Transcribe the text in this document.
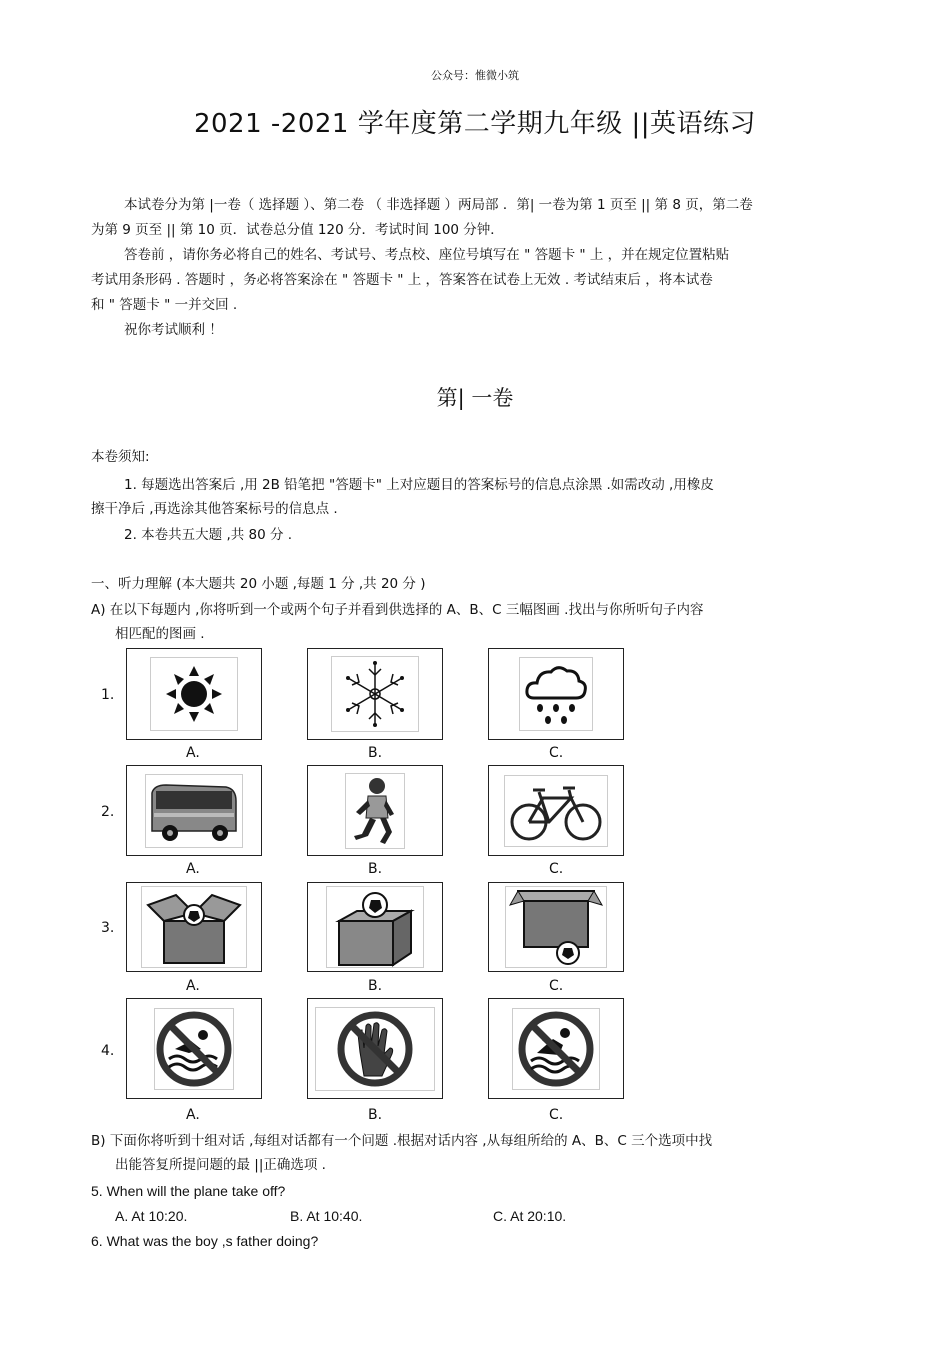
公众号：惟微小筑
2021 -2021 学年度第二学期九年级 ||英语练习
本试卷分为第 |一卷（ 选择题 ）、第二卷 （ 非选择题 ）两局部 ．第| 一卷为第 1 页至 || 第 8 页，第二卷
为第 9 页至 || 第 10 页．试卷总分值 120 分．考试时间 100 分钟．
答卷前 ，请你务必将自己的姓名、考试号、考点校、座位号填写在 " 答题卡 " 上 ，并在规定位置粘贴
考试用条形码 . 答题时 ，务必将答案涂在 " 答题卡 " 上 ，答案答在试卷上无效 . 考试结束后 ，将本试卷
和 " 答题卡 " 一并交回 .
祝你考试顺利 ！
第| 一卷
本卷须知:
1. 每题选出答案后 ,用 2B 铅笔把 "答题卡" 上对应题目的答案标号的信息点涂黑 .如需改动 ,用橡皮
擦干净后 ,再选涂其他答案标号的信息点 .
2. 本卷共五大题 ,共 80 分 .
一、听力理解 (本大题共 20 小题 ,每题 1 分 ,共 20 分 )
A) 在以下每题内 ,你将听到一个或两个句子并看到供选择的 A、B、C 三幅图画 .找出与你所听句子内容
相匹配的图画 .
1.
A.	B.	C.
2.
A.	B.	C.
3.
A.	B.	C.
4.
A.	B.	C.
B) 下面你将听到十组对话 ,每组对话都有一个问题 .根据对话内容 ,从每组所给的 A、B、C 三个选项中找
出能答复所提问题的最 ||正确选项 .
5. When will the plane take off?
A. At 10:20.	B. At 10:40.	C. At 20:10.
6. What was the boy ,s father doing?
